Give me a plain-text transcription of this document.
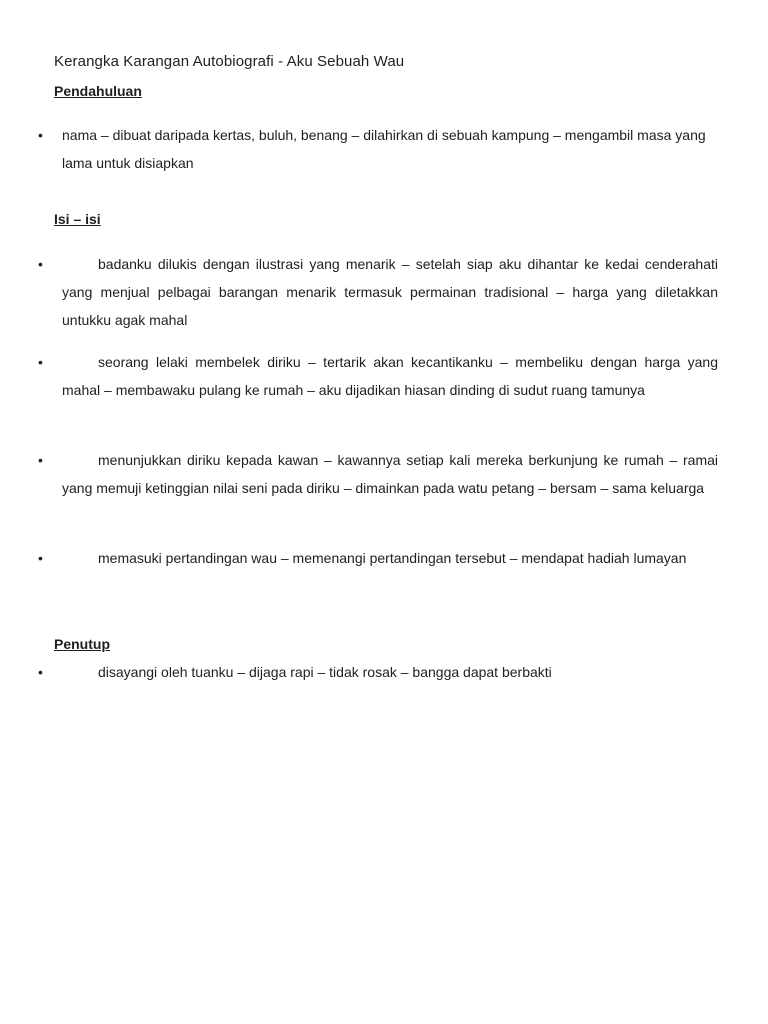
Kerangka Karangan Autobiografi - Aku Sebuah Wau
Pendahuluan
• nama – dibuat daripada kertas, buluh, benang – dilahirkan di sebuah kampung – mengambil masa yang lama untuk disiapkan

Isi – isi
•	badanku dilukis dengan ilustrasi yang menarik – setelah siap aku dihantar ke kedai cenderahati yang menjual pelbagai barangan menarik termasuk permainan tradisional – harga yang diletakkan untukku agak mahal

•	seorang lelaki membelek diriku – tertarik akan kecantikanku – membeliku dengan harga yang mahal – membawaku pulang ke rumah – aku dijadikan hiasan dinding di sudut ruang tamunya

•	menunjukkan diriku kepada kawan – kawannya setiap kali mereka berkunjung ke rumah – ramai yang memuji ketinggian nilai seni pada diriku – dimainkan pada watu petang – bersam – sama keluarga

•	memasuki pertandingan wau – memenangi pertandingan tersebut – mendapat hadiah lumayan

Penutup
•	disayangi oleh tuanku – dijaga rapi – tidak rosak – bangga dapat berbakti
